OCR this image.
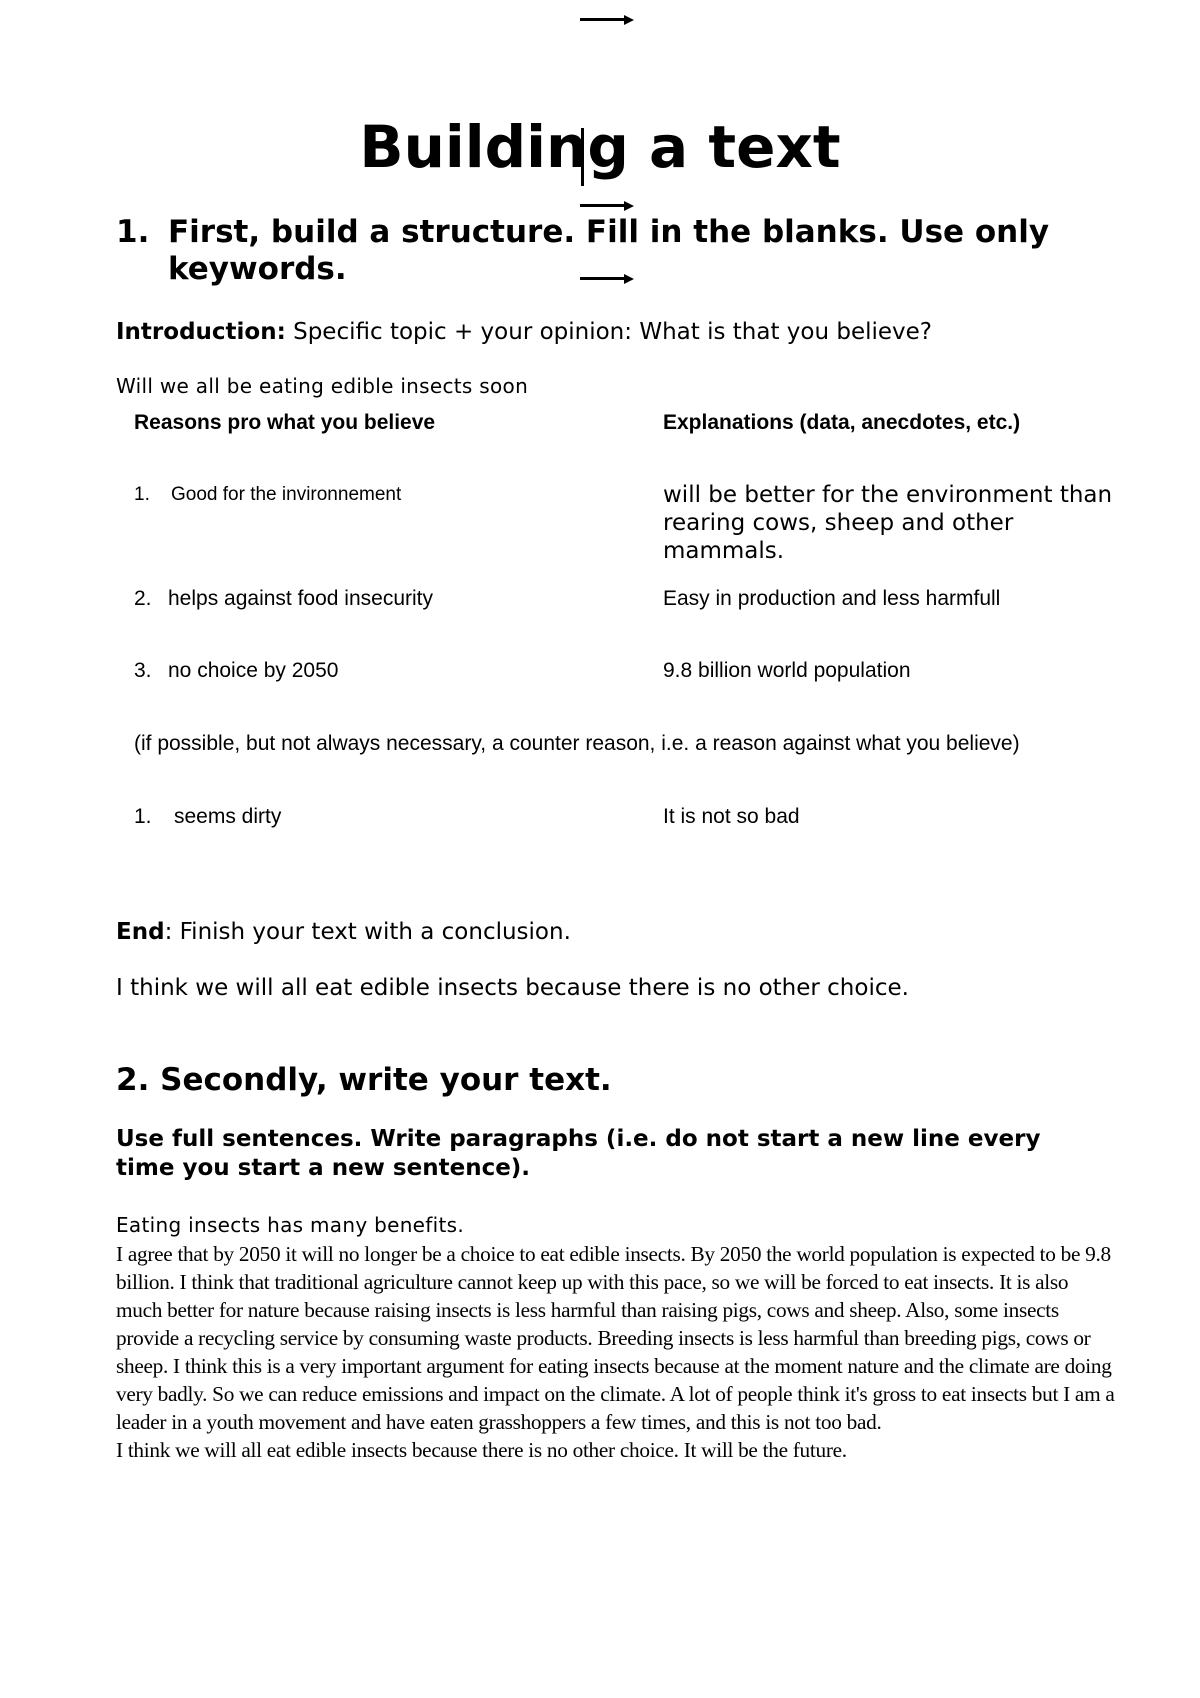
Building a text
1. First, build a structure. Fill in the blanks. Use only keywords.

Introduction: Specific topic + your opinion: What is that you believe?

Will we all be eating edible insects soon

Reasons pro what you believe	Explanations (data, anecdotes, etc.)
1. Good for the invironnement	will be better for the environment than rearing cows, sheep and other mammals.
2. helps against food insecurity	Easy in production and less harmfull
3. no choice by 2050	9.8 billion world population
(if possible, but not always necessary, a counter reason, i.e. a reason against what you believe)
1. seems dirty	It is not so bad

End: Finish your text with a conclusion.

I think we will all eat edible insects because there is no other choice.

2. Secondly, write your text.

Use full sentences. Write paragraphs (i.e. do not start a new line every time you start a new sentence).

Eating insects has many benefits.

I agree that by 2050 it will no longer be a choice to eat edible insects. By 2050 the world population is expected to be 9.8 billion. I think that traditional agriculture cannot keep up with this pace, so we will be forced to eat insects. It is also much better for nature because raising insects is less harmful than raising pigs, cows and sheep. Also, some insects provide a recycling service by consuming waste products. Breeding insects is less harmful than breeding pigs, cows or sheep. I think this is a very important argument for eating insects because at the moment nature and the climate are doing very badly. So we can reduce emissions and impact on the climate. A lot of people think it's gross to eat insects but I am a leader in a youth movement and have eaten grasshoppers a few times, and this is not too bad.

I think we will all eat edible insects because there is no other choice. It will be the future.
